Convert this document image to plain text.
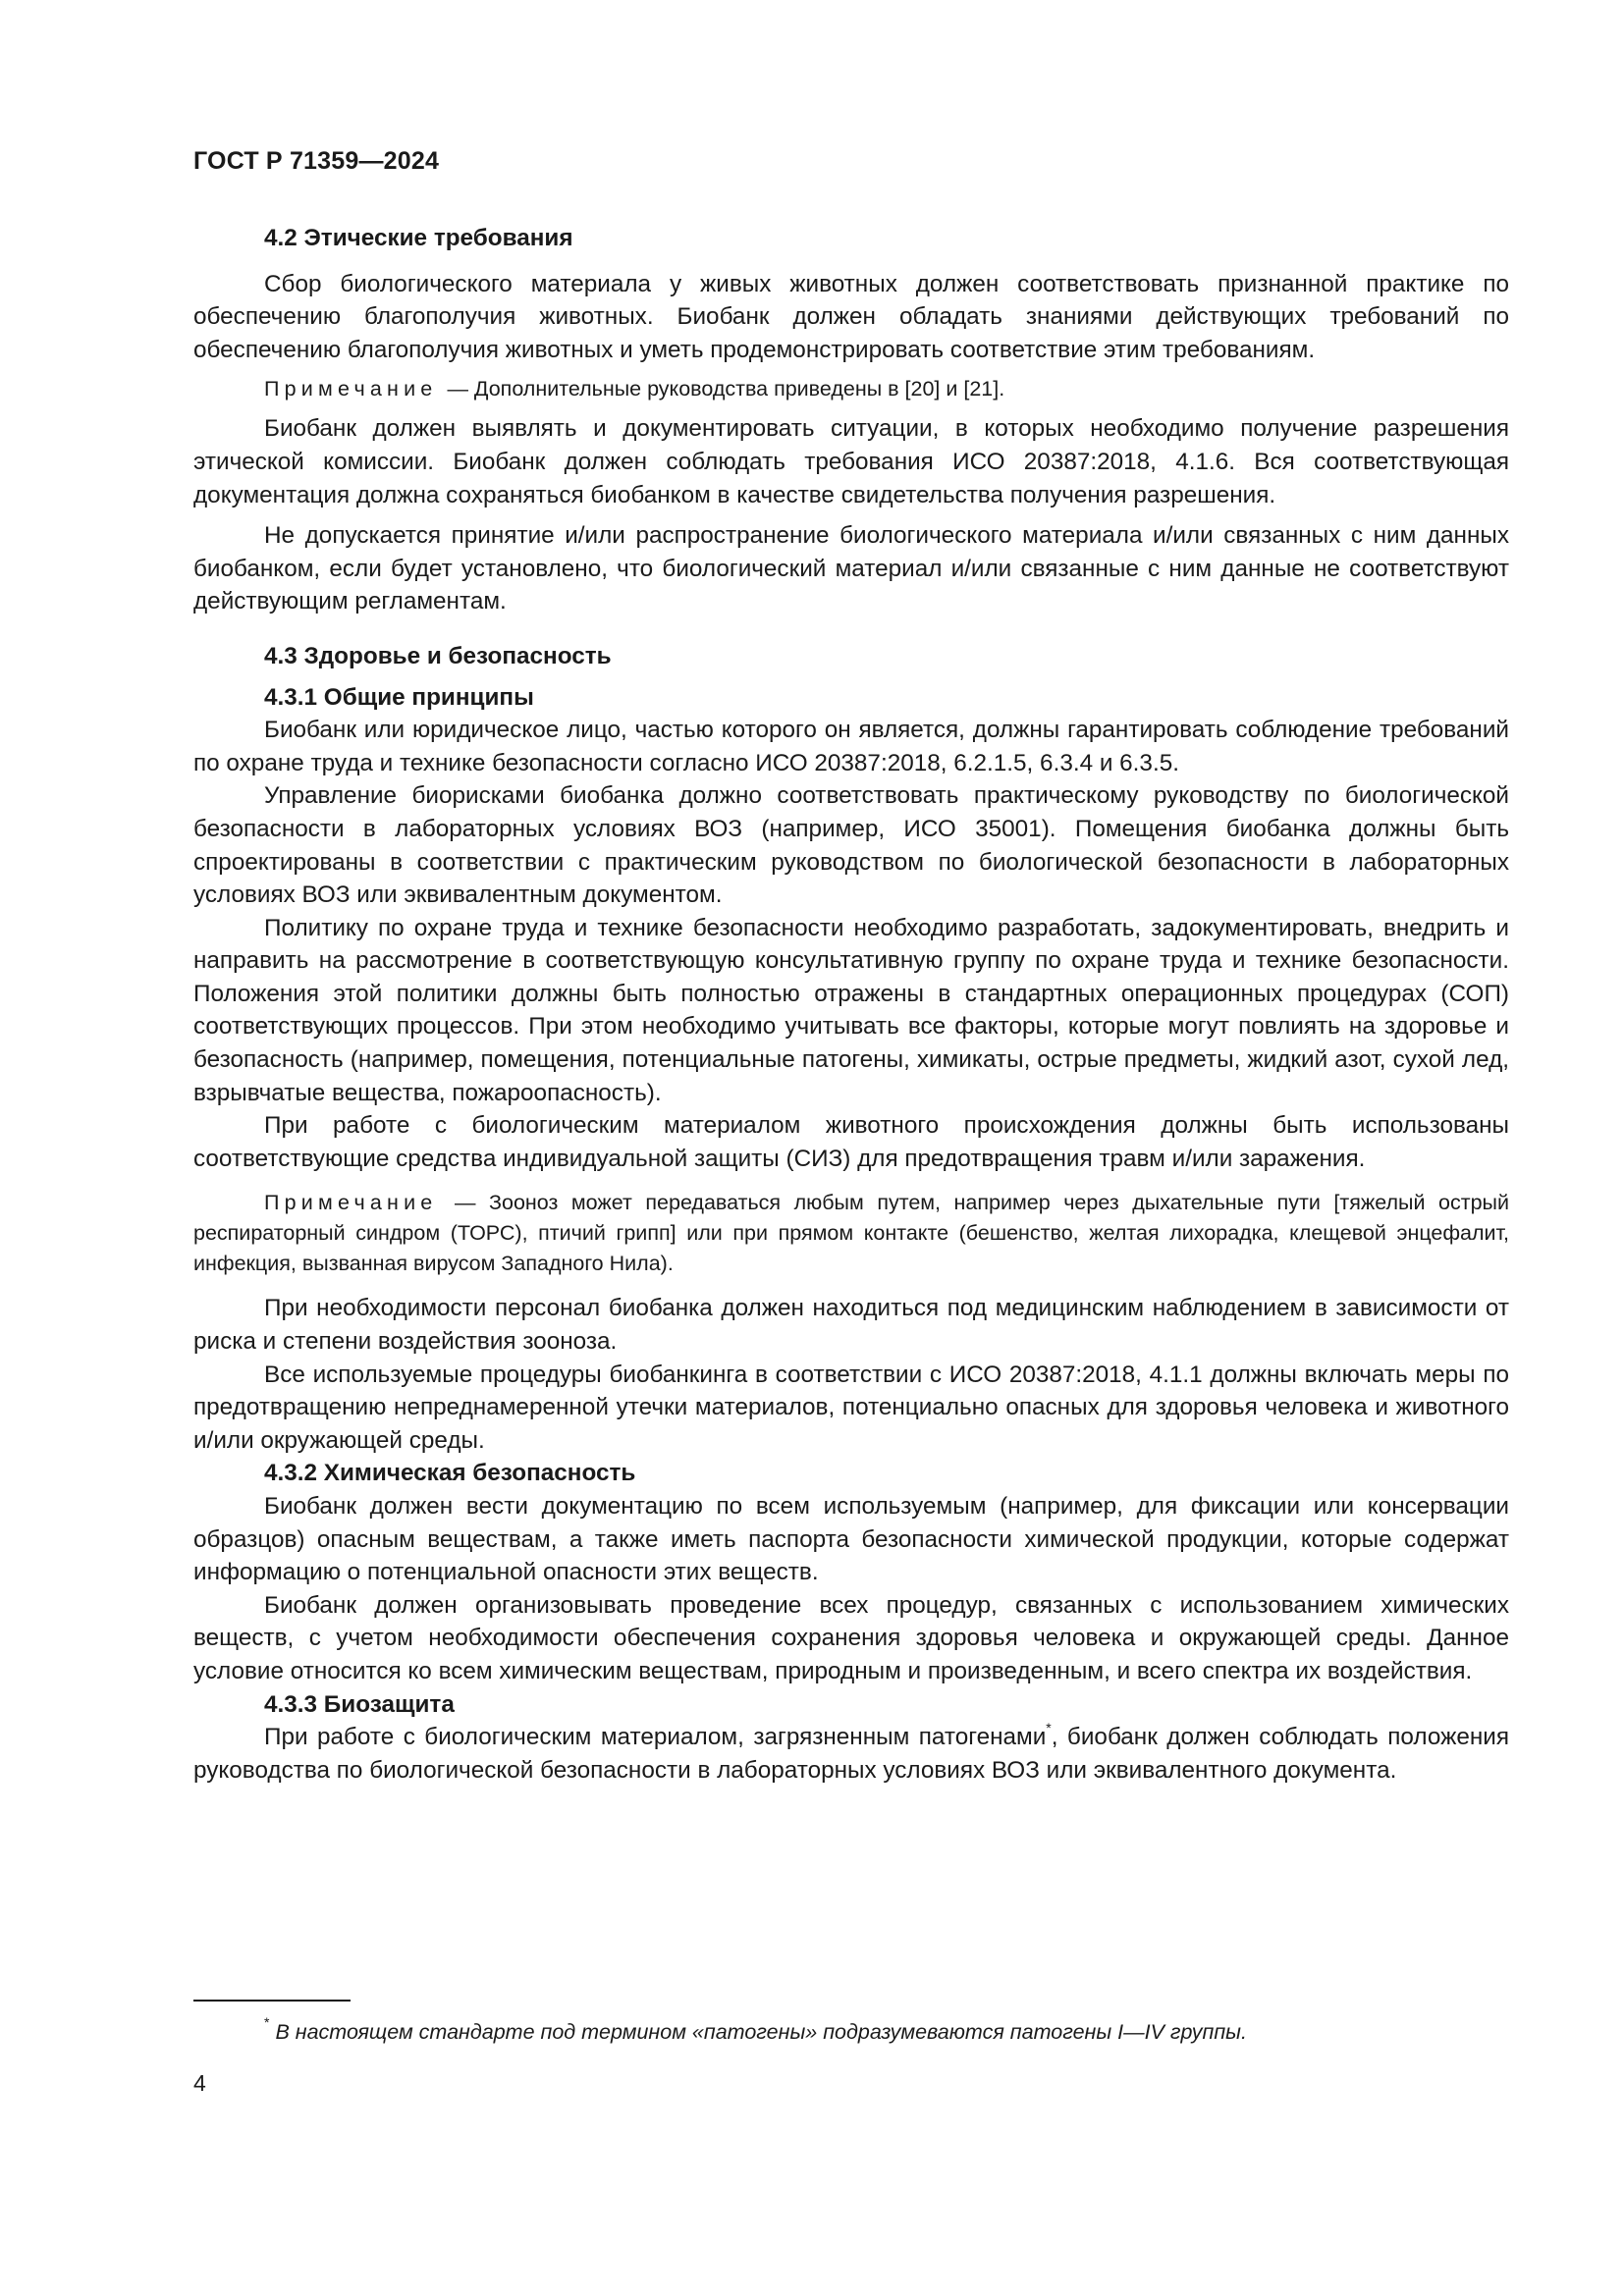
ГОСТ Р 71359—2024
4.2 Этические требования

Сбор биологического материала у живых животных должен соответствовать признанной практике по обеспечению благополучия животных. Биобанк должен обладать знаниями действующих требований по обеспечению благополучия животных и уметь продемонстрировать соответствие этим требованиям.

Примечание — Дополнительные руководства приведены в [20] и [21].

Биобанк должен выявлять и документировать ситуации, в которых необходимо получение разрешения этической комиссии. Биобанк должен соблюдать требования ИСО 20387:2018, 4.1.6. Вся соответствующая документация должна сохраняться биобанком в качестве свидетельства получения разрешения.

Не допускается принятие и/или распространение биологического материала и/или связанных с ним данных биобанком, если будет установлено, что биологический материал и/или связанные с ним данные не соответствуют действующим регламентам.

4.3 Здоровье и безопасность
4.3.1 Общие принципы

Биобанк или юридическое лицо, частью которого он является, должны гарантировать соблюдение требований по охране труда и технике безопасности согласно ИСО 20387:2018, 6.2.1.5, 6.3.4 и 6.3.5.

Управление биорисками биобанка должно соответствовать практическому руководству по биологической безопасности в лабораторных условиях ВОЗ (например, ИСО 35001). Помещения биобанка должны быть спроектированы в соответствии с практическим руководством по биологической безопасности в лабораторных условиях ВОЗ или эквивалентным документом.

Политику по охране труда и технике безопасности необходимо разработать, задокументировать, внедрить и направить на рассмотрение в соответствующую консультативную группу по охране труда и технике безопасности. Положения этой политики должны быть полностью отражены в стандартных операционных процедурах (СОП) соответствующих процессов. При этом необходимо учитывать все факторы, которые могут повлиять на здоровье и безопасность (например, помещения, потенциальные патогены, химикаты, острые предметы, жидкий азот, сухой лед, взрывчатые вещества, пожароопасность).

При работе с биологическим материалом животного происхождения должны быть использованы соответствующие средства индивидуальной защиты (СИЗ) для предотвращения травм и/или заражения.

Примечание — Зооноз может передаваться любым путем, например через дыхательные пути [тяжелый острый респираторный синдром (ТОРС), птичий грипп] или при прямом контакте (бешенство, желтая лихорадка, клещевой энцефалит, инфекция, вызванная вирусом Западного Нила).

При необходимости персонал биобанка должен находиться под медицинским наблюдением в зависимости от риска и степени воздействия зооноза.

Все используемые процедуры биобанкинга в соответствии с ИСО 20387:2018, 4.1.1 должны включать меры по предотвращению непреднамеренной утечки материалов, потенциально опасных для здоровья человека и животного и/или окружающей среды.

4.3.2 Химическая безопасность

Биобанк должен вести документацию по всем используемым (например, для фиксации или консервации образцов) опасным веществам, а также иметь паспорта безопасности химической продукции, которые содержат информацию о потенциальной опасности этих веществ.

Биобанк должен организовывать проведение всех процедур, связанных с использованием химических веществ, с учетом необходимости обеспечения сохранения здоровья человека и окружающей среды. Данное условие относится ко всем химическим веществам, природным и произведенным, и всего спектра их воздействия.

4.3.3 Биозащита

При работе с биологическим материалом, загрязненным патогенами*, биобанк должен соблюдать положения руководства по биологической безопасности в лабораторных условиях ВОЗ или эквивалентного документа.

* В настоящем стандарте под термином «патогены» подразумеваются патогены I—IV группы.
4
